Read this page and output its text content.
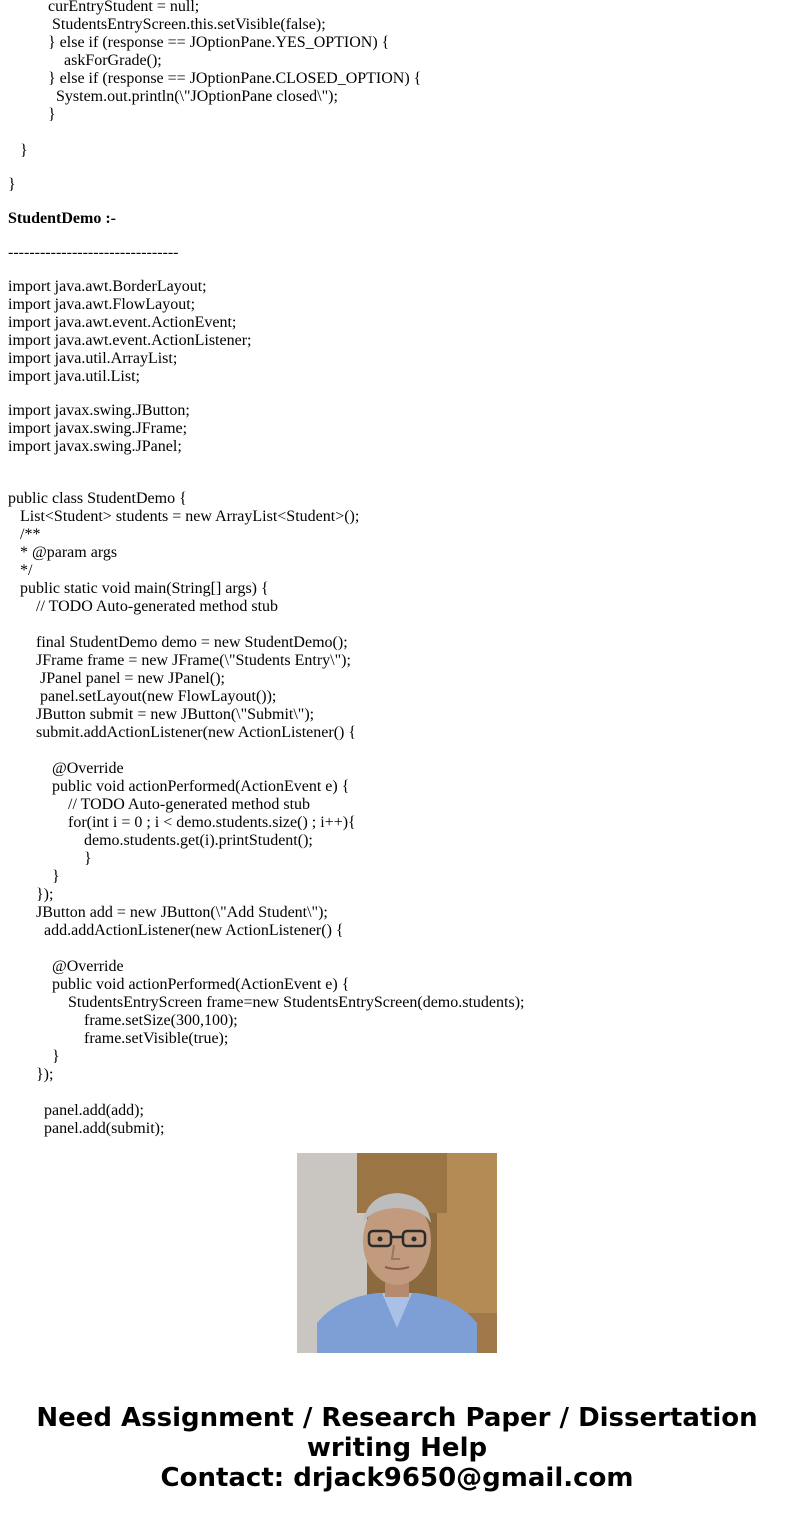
curEntryStudent = null;

StudentsEntryScreen.this.setVisible(false);

} else if (response == JOptionPane.YES_OPTION) {

askForGrade();

} else if (response == JOptionPane.CLOSED_OPTION) {

System.out.println(\"JOptionPane closed\");

}

}

}

StudentDemo :-

--------------------------------

import java.awt.BorderLayout;

import java.awt.FlowLayout;

import java.awt.event.ActionEvent;

import java.awt.event.ActionListener;

import java.util.ArrayList;

import java.util.List;

import javax.swing.JButton;

import javax.swing.JFrame;

import javax.swing.JPanel;

public class StudentDemo {

List<Student> students = new ArrayList<Student>();

/**

* @param args

*/

public static void main(String[] args) {

// TODO Auto-generated method stub

final StudentDemo demo = new StudentDemo();

JFrame frame = new JFrame(\"Students Entry\");

JPanel panel = new JPanel();

panel.setLayout(new FlowLayout());

JButton submit = new JButton(\"Submit\");

submit.addActionListener(new ActionListener() {

@Override

public void actionPerformed(ActionEvent e) {

// TODO Auto-generated method stub

for(int i = 0 ; i < demo.students.size() ; i++){

demo.students.get(i).printStudent();

}

}

});

JButton add = new JButton(\"Add Student\");

add.addActionListener(new ActionListener() {

@Override

public void actionPerformed(ActionEvent e) {

StudentsEntryScreen frame=new StudentsEntryScreen(demo.students);

frame.setSize(300,100);

frame.setVisible(true);

}

});

panel.add(add);

panel.add(submit);

Need Assignment / Research Paper / Dissertation
writing Help
Contact: drjack9650@gmail.com
